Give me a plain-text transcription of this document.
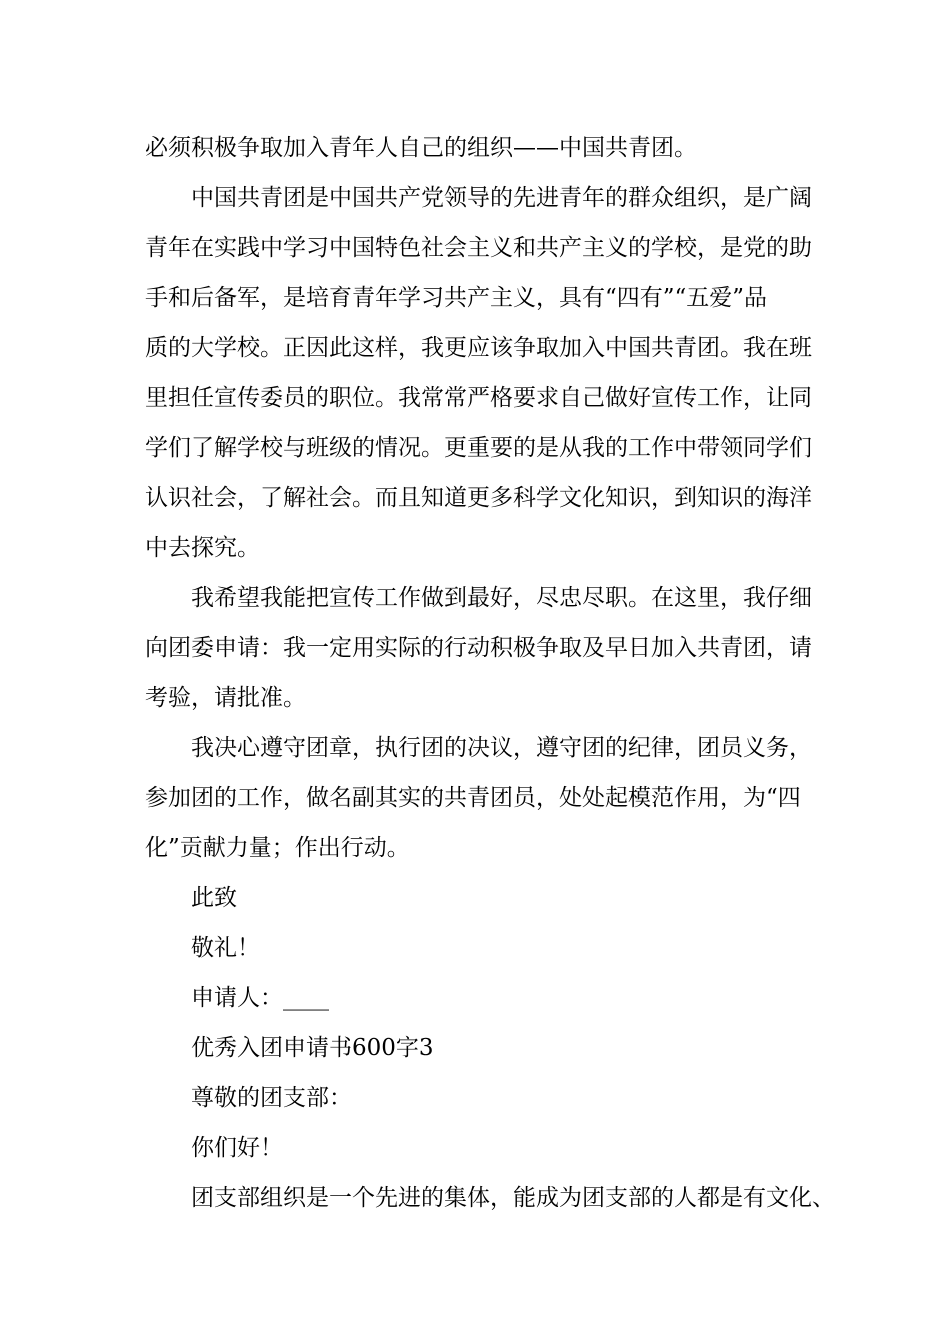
必须积极争取加入青年人自己的组织——中国共青团。
中国共青团是中国共产党领导的先进青年的群众组织，是广阔
青年在实践中学习中国特色社会主义和共产主义的学校，是党的助
手和后备军，是培育青年学习共产主义，具有“四有”“五爱”品
质的大学校。正因此这样，我更应该争取加入中国共青团。我在班
里担任宣传委员的职位。我常常严格要求自己做好宣传工作，让同
学们了解学校与班级的情况。更重要的是从我的工作中带领同学们
认识社会，了解社会。而且知道更多科学文化知识，到知识的海洋
中去探究。
我希望我能把宣传工作做到最好，尽忠尽职。在这里，我仔细
向团委申请：我一定用实际的行动积极争取及早日加入共青团，请
考验，请批准。
我决心遵守团章，执行团的决议，遵守团的纪律，团员义务，
参加团的工作，做名副其实的共青团员，处处起模范作用，为“四
化”贡献力量；作出行动。
此致
敬礼！
申请人：____
优秀入团申请书600字3
尊敬的团支部：
你们好！
团支部组织是一个先进的集体，能成为团支部的人都是有文化、
